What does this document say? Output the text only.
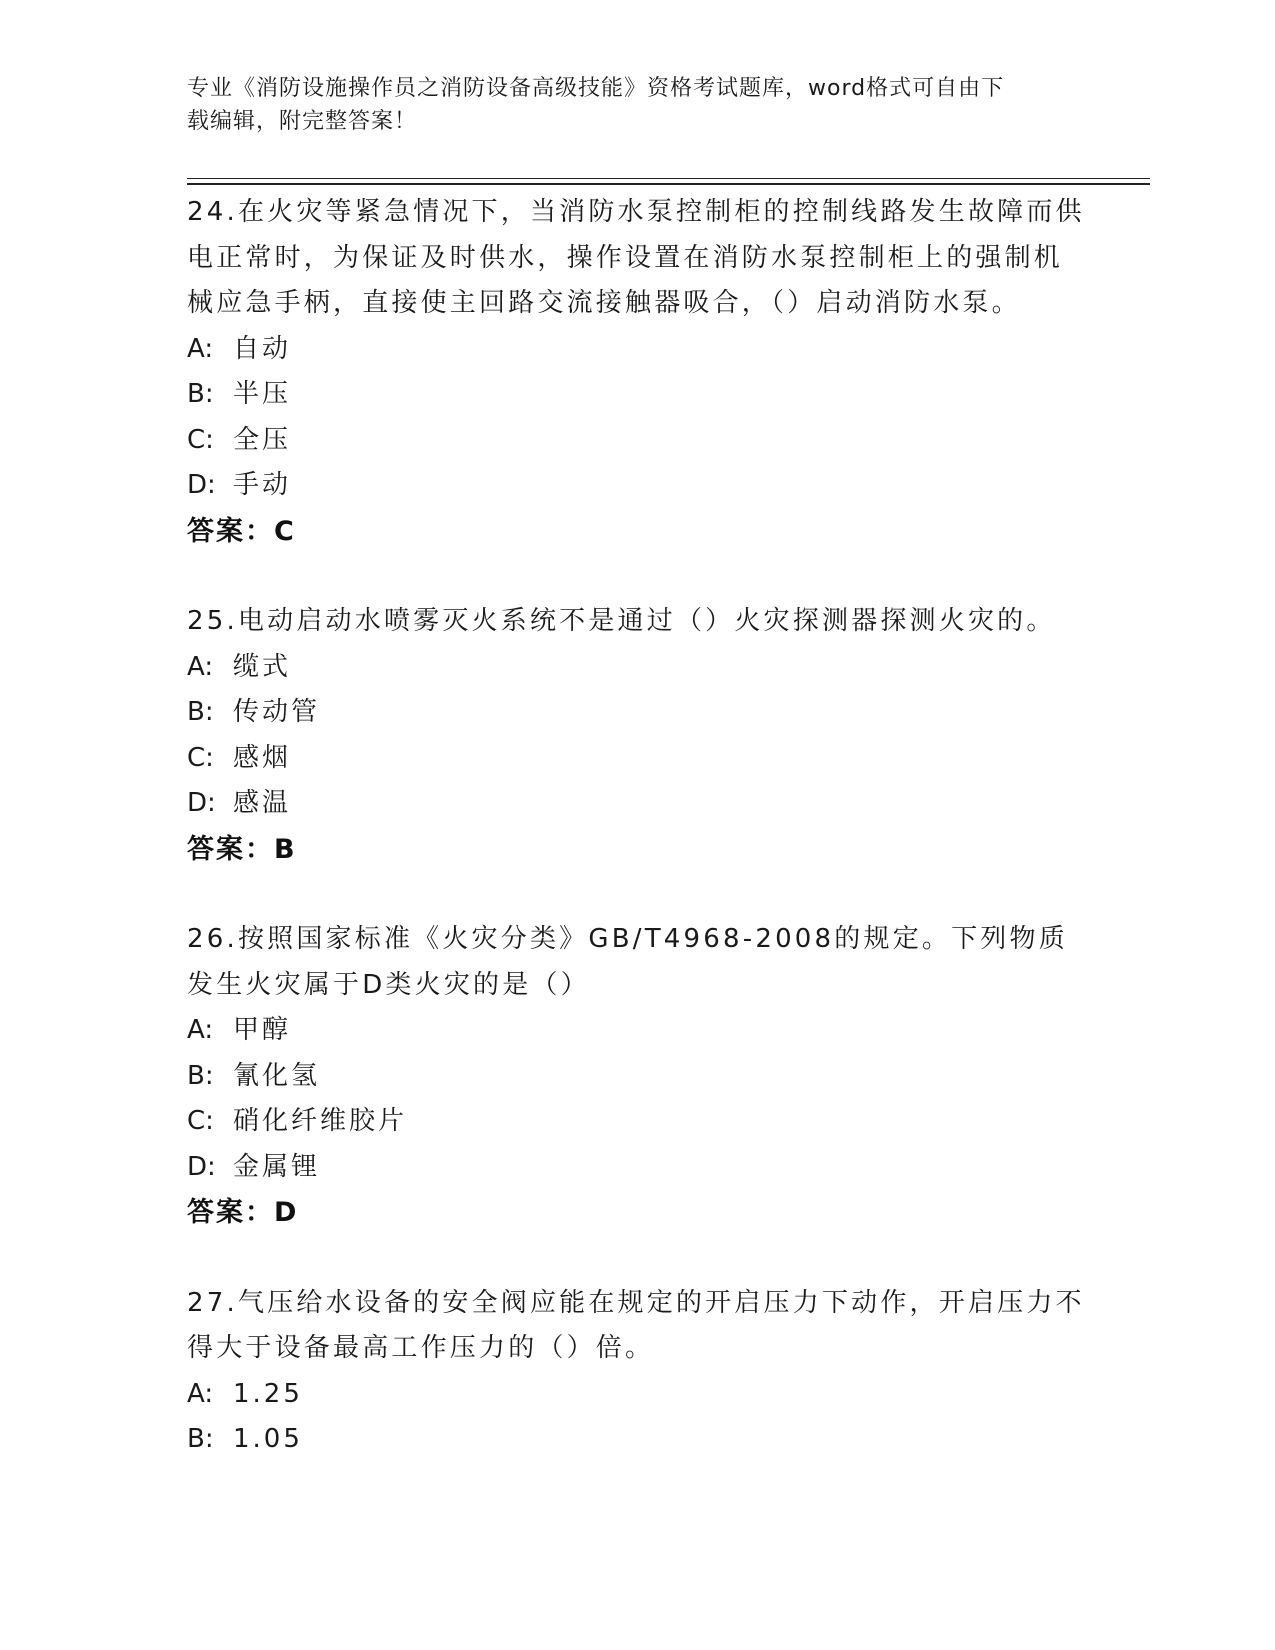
专业《消防设施操作员之消防设备高级技能》资格考试题库，word格式可自由下
载编辑，附完整答案！
24.在火灾等紧急情况下，当消防水泵控制柜的控制线路发生故障而供电正常时，为保证及时供水，操作设置在消防水泵控制柜上的强制机械应急手柄，直接使主回路交流接触器吸合，（）启动消防水泵。
A: 自动
B: 半压
C: 全压
D: 手动
答案：C
25.电动启动水喷雾灭火系统不是通过（）火灾探测器探测火灾的。
A: 缆式
B: 传动管
C: 感烟
D: 感温
答案：B
26.按照国家标准《火灾分类》GB/T4968-2008的规定。下列物质发生火灾属于D类火灾的是（）
A: 甲醇
B: 氰化氢
C: 硝化纤维胶片
D: 金属锂
答案：D
27.气压给水设备的安全阀应能在规定的开启压力下动作，开启压力不得大于设备最高工作压力的（）倍。
A: 1.25
B: 1.05
